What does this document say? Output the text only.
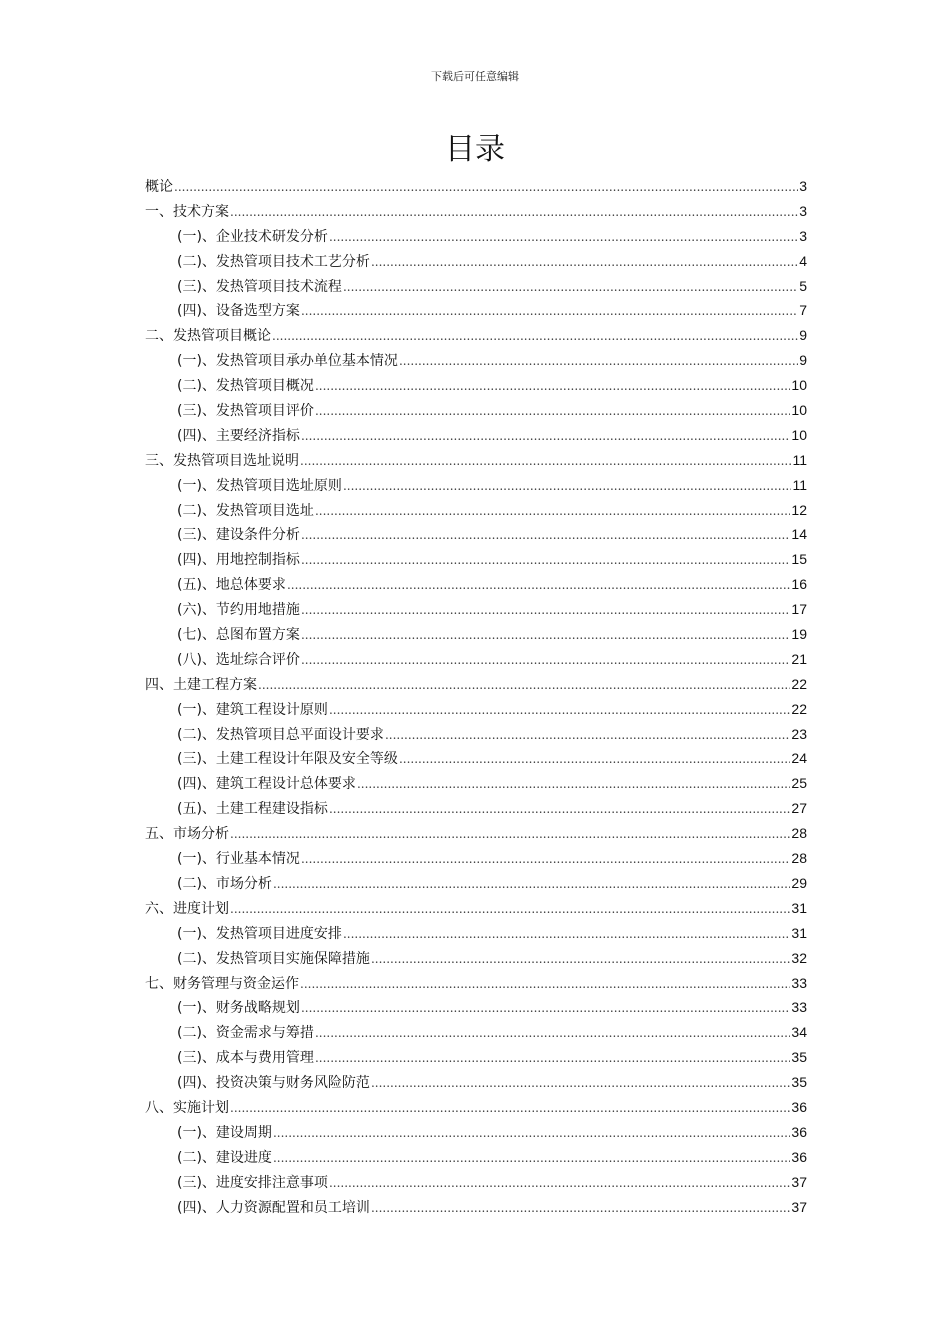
下载后可任意编辑
目录
概论 .....	3
一、技术方案 .....	3
(一)、企业技术研发分析 .....	3
(二)、发热管项目技术工艺分析 .....	4
(三)、发热管项目技术流程 .....	5
(四)、设备选型方案 .....	7
二、发热管项目概论 .....	9
(一)、发热管项目承办单位基本情况 .....	9
(二)、发热管项目概况 .....	10
(三)、发热管项目评价 .....	10
(四)、主要经济指标 .....	10
三、发热管项目选址说明 .....	11
(一)、发热管项目选址原则 .....	11
(二)、发热管项目选址 .....	12
(三)、建设条件分析 .....	14
(四)、用地控制指标 .....	15
(五)、地总体要求 .....	16
(六)、节约用地措施 .....	17
(七)、总图布置方案 .....	19
(八)、选址综合评价 .....	21
四、土建工程方案 .....	22
(一)、建筑工程设计原则 .....	22
(二)、发热管项目总平面设计要求 .....	23
(三)、土建工程设计年限及安全等级 .....	24
(四)、建筑工程设计总体要求 .....	25
(五)、土建工程建设指标 .....	27
五、市场分析 .....	28
(一)、行业基本情况 .....	28
(二)、市场分析 .....	29
六、进度计划 .....	31
(一)、发热管项目进度安排 .....	31
(二)、发热管项目实施保障措施 .....	32
七、财务管理与资金运作 .....	33
(一)、财务战略规划 .....	33
(二)、资金需求与筹措 .....	34
(三)、成本与费用管理 .....	35
(四)、投资决策与财务风险防范 .....	35
八、实施计划 .....	36
(一)、建设周期 .....	36
(二)、建设进度 .....	36
(三)、进度安排注意事项 .....	37
(四)、人力资源配置和员工培训 .....	37
